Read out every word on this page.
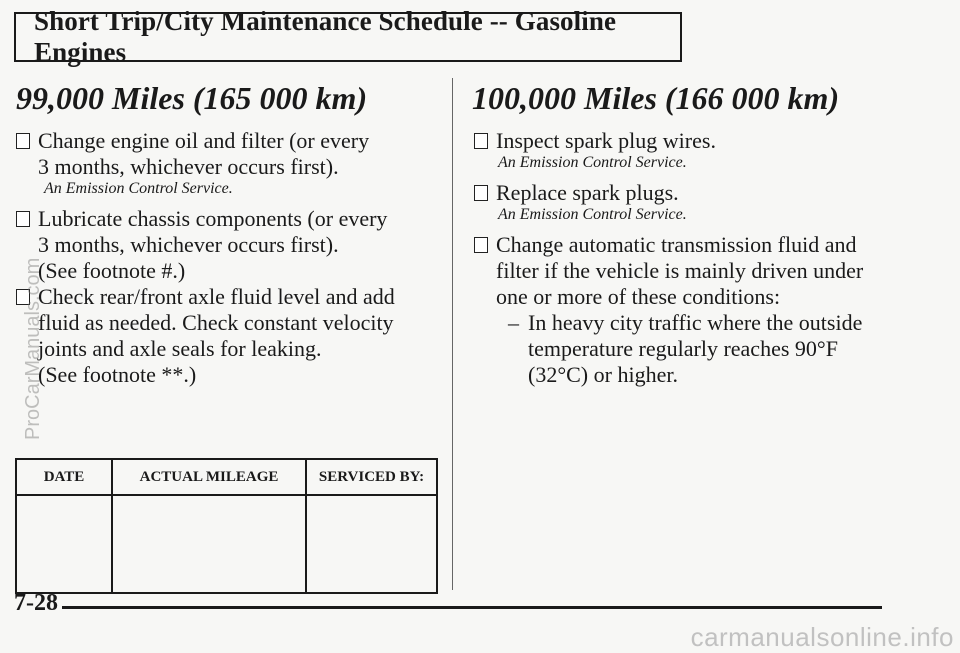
Short Trip/City Maintenance Schedule -- Gasoline Engines
99,000 Miles (165 000 km)
Change engine oil and filter (or every
3 months, whichever occurs first).
An Emission Control Service.
Lubricate chassis components (or every
3 months, whichever occurs first).
(See footnote #.)
Check rear/front axle fluid level and add
fluid as needed. Check constant velocity
joints and axle seals for leaking.
(See footnote **.)
100,000 Miles (166 000 km)
Inspect spark plug wires.
An Emission Control Service.
Replace spark plugs.
An Emission Control Service.
Change automatic transmission fluid and
filter if the vehicle is mainly driven under
one or more of these conditions:
– In heavy city traffic where the outside
temperature regularly reaches 90°F
(32°C) or higher.
DATE	ACTUAL MILEAGE	SERVICED BY:

7-28
ProCarManuals.com
carmanualsonline.info
